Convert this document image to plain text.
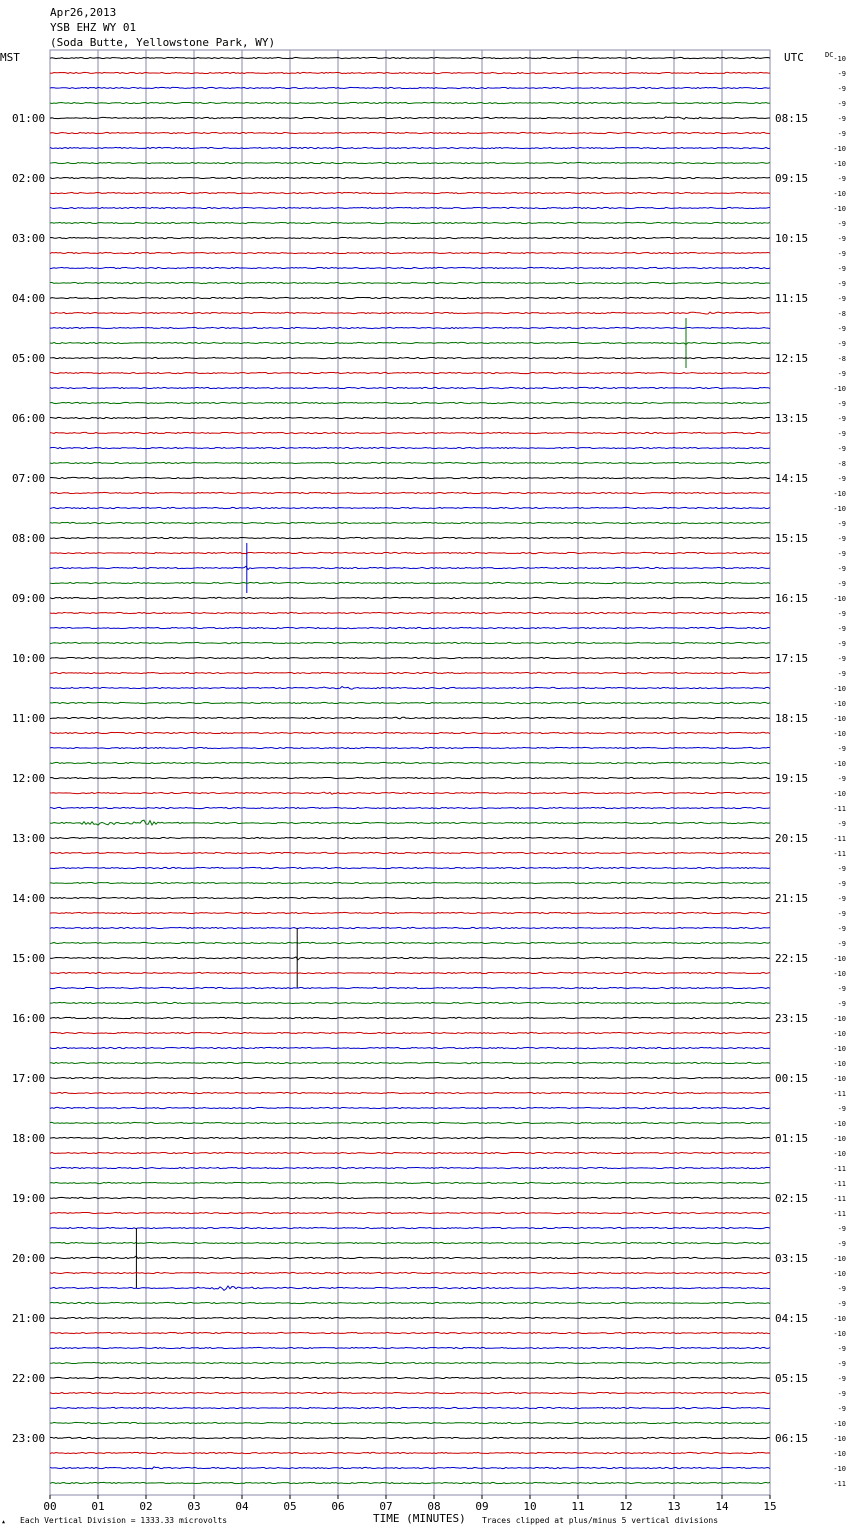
Apr26,2013
YSB EHZ WY 01
(Soda Butte, Yellowstone Park, WY)
MST	UTC	DC
01:00
02:00
03:00
04:00
05:00
06:00
07:00
08:00
09:00
10:00
11:00
12:00
13:00
14:00
15:00
16:00
17:00
18:00
19:00
20:00
21:00
22:00
23:00
08:15
09:15
10:15
11:15
12:15
13:15
14:15
15:15
16:15
17:15
18:15
19:15
20:15
21:15
22:15
23:15
00:15
01:15
02:15
03:15
04:15
05:15
06:15
-10
-9
-9
-9
-9
-9
-10
-10
-9
-10
-10
-9
-9
-9
-9
-9
-9
-8
-9
-9
-8
-9
-10
-9
-9
-9
-9
-8
-9
-10
-10
-9
-9
-9
-9
-9
-10
-9
-9
-9
-9
-9
-10
-10
-10
-10
-9
-10
-9
-10
-11
-9
-11
-11
-9
-9
-9
-9
-9
-9
-10
-10
-9
-9
-10
-10
-10
-10
-10
-11
-9
-10
-10
-10
-11
-11
-11
-11
-9
-9
-10
-10
-9
-9
-10
-10
-9
-9
-9
-9
-9
-10
-10
-10
-10
-11
00	01	02	03	04	05	06	07	08	09	10	11	12	13	14	15
▲ Each Vertical Division = 1333.33 microvolts	TIME (MINUTES) Traces clipped at plus/minus 5 vertical divisions
